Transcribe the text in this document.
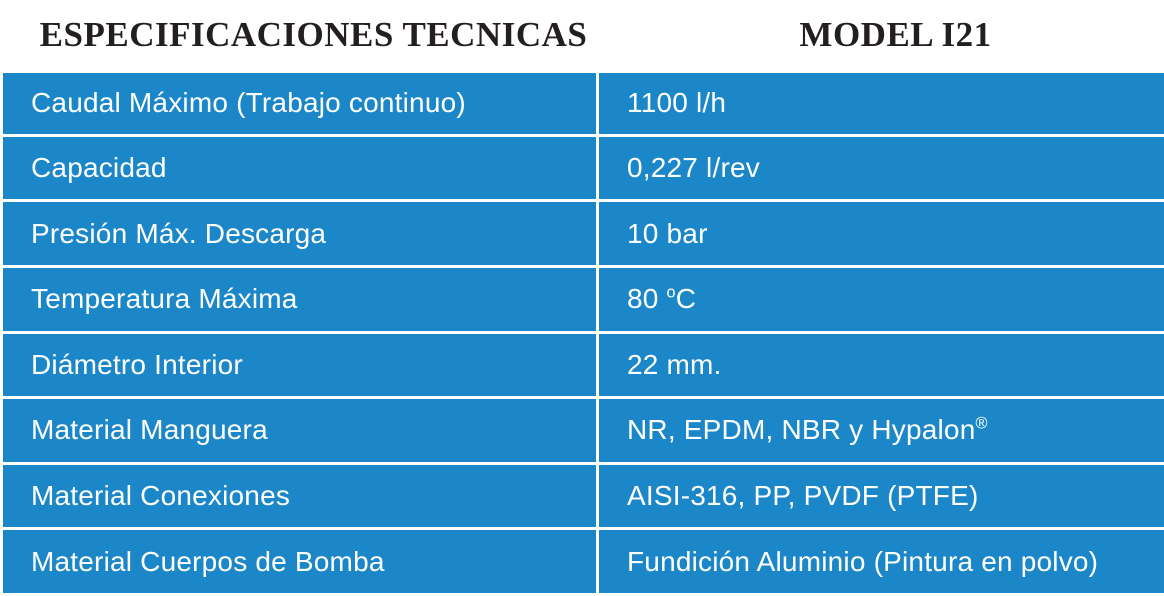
ESPECIFICACIONES TECNICAS	MODEL I21
Caudal Máximo (Trabajo continuo)	1100 l/h
Capacidad	0,227 l/rev
Presión Máx. Descarga	10 bar
Temperatura Máxima	80 $^o$C
Diámetro Interior	22 mm.
Material Manguera	NR, EPDM, NBR y Hypalon®
Material Conexiones	AISI-316, PP, PVDF (PTFE)
Material Cuerpos de Bomba	Fundición Aluminio (Pintura en polvo)
